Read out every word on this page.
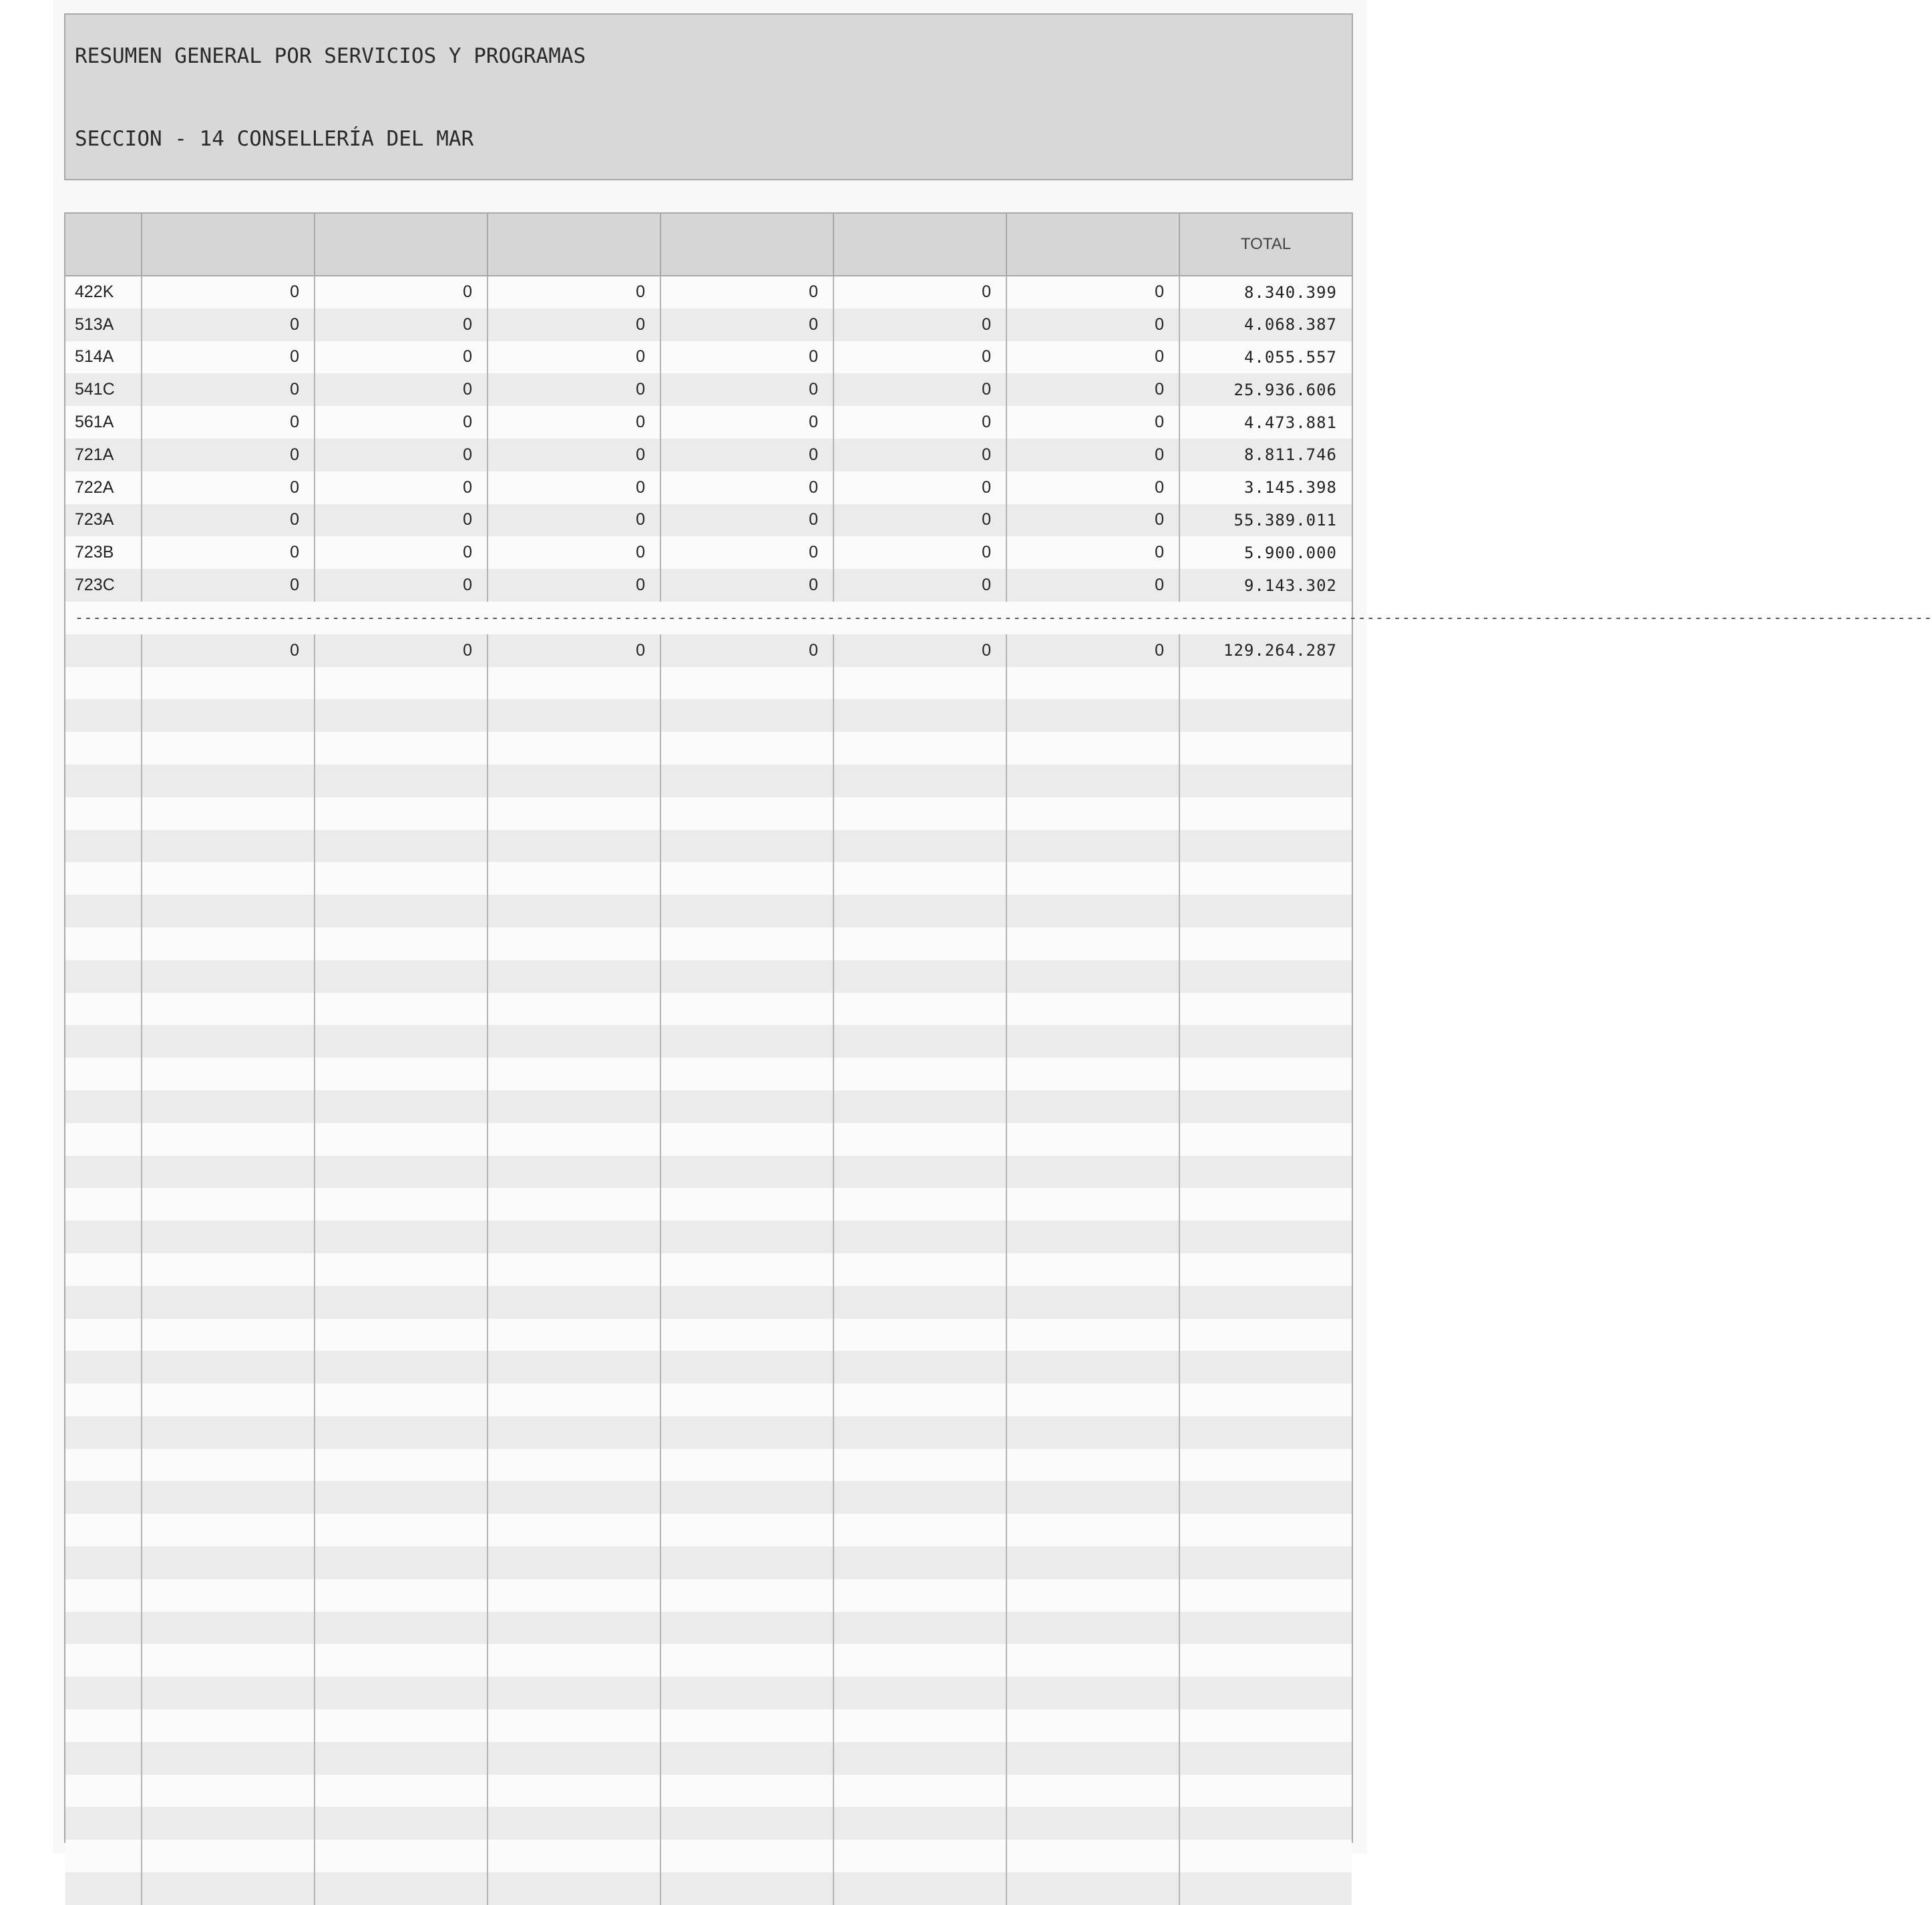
RESUMEN GENERAL POR SERVICIOS Y PROGRAMAS
SECCION - 14 CONSELLERÍA DEL MAR
							TOTAL
422K	0	0	0	0	0	0	8.340.399
513A	0	0	0	0	0	0	4.068.387
514A	0	0	0	0	0	0	4.055.557
541C	0	0	0	0	0	0	25.936.606
561A	0	0	0	0	0	0	4.473.881
721A	0	0	0	0	0	0	8.811.746
722A	0	0	0	0	0	0	3.145.398
723A	0	0	0	0	0	0	55.389.011
723B	0	0	0	0	0	0	5.900.000
723C	0	0	0	0	0	0	9.143.302
------------------------------------------------------------------------------------------------------------------------------------------------------------------------------------------------------------------							
	0	0	0	0	0	0	129.264.287
